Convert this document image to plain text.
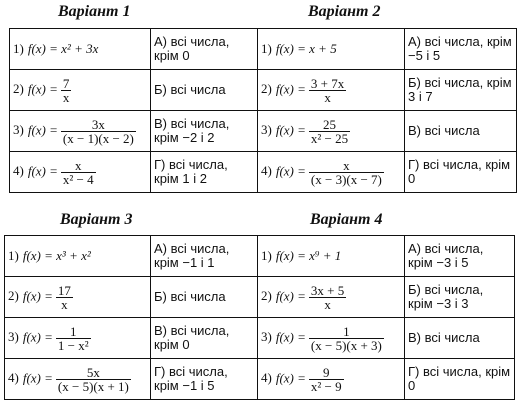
Варіант 1	Варіант 2
Варіант 3	Варіант 4
1) f(x) = x² + 3x	А) всі числа, крім 0	1) f(x) = x + 5	А) всі числа, крім −5 і 5
2) $f(x) = \frac{7}{x}$	Б) всі числа	2) $f(x) = \frac{3 + 7x}{x}$	Б) всі числа, крім 3 і 7
3) $f(x) = \frac{3x}{(x - 1)(x - 2)}$	В) всі числа, крім −2 і 2	3) $f(x) = \frac{25}{\text{x² − 25}}$	В) всі числа
4) $f(x) = \frac{x}{\text{x² − 4}}$	Г) всі числа, крім 1 і 2	4) $f(x) = \frac{x}{(x - 3)(x - 7)}$	Г) всі числа, крім 0
1) f(x) = x³ + x²	А) всі числа, крім −1 і 1	1) f(x) = x⁹ + 1	А) всі числа, крім −3 і 5
2) $f(x) = \frac{17}{x}$	Б) всі числа	2) $f(x) = \frac{3x + 5}{x}$	Б) всі числа, крім −3 і 3
3) $f(x) = \frac{1}{\text{1 − x²}}$	В) всі числа, крім 0	3) $f(x) = \frac{1}{(x - 5)(x + 3)}$	В) всі числа
4) $f(x) = \frac{5x}{(x - 5)(x + 1)}$	Г) всі числа, крім −1 і 5	4) $f(x) = \frac{9}{\text{x² − 9}}$	Г) всі числа, крім 0
